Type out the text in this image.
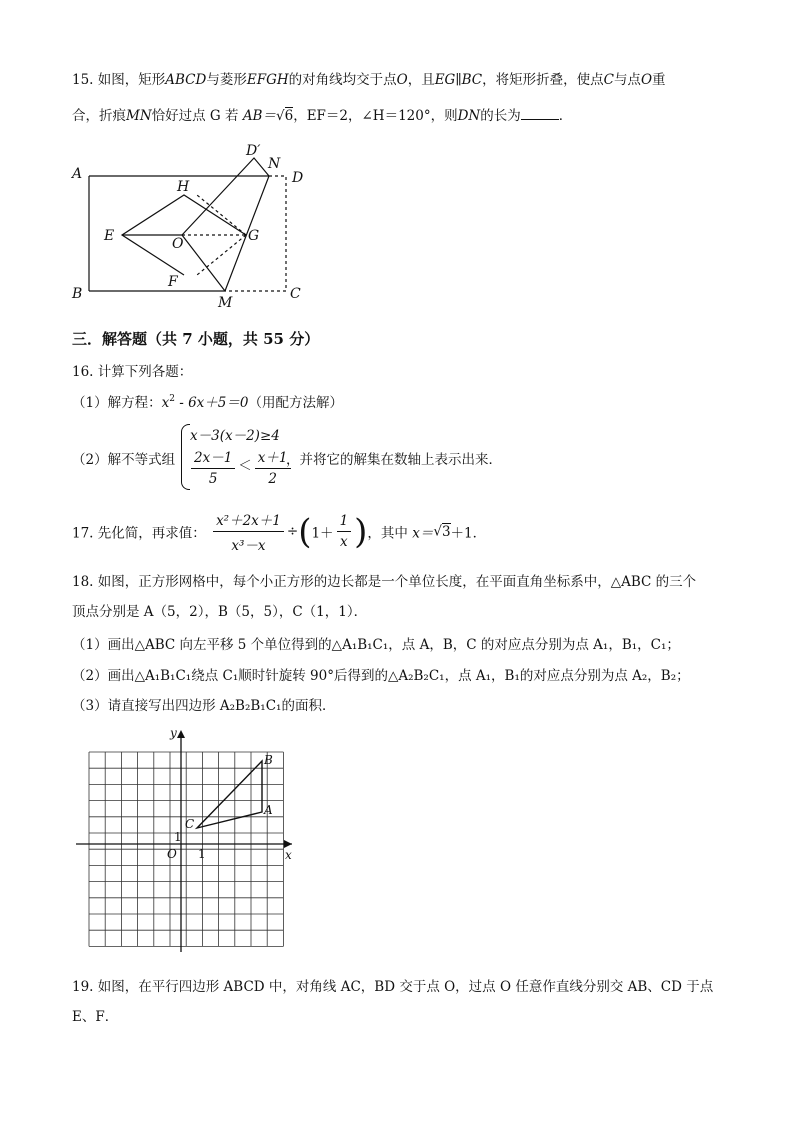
15. 如图，矩形ABCD与菱形EFGH的对角线均交于点O，且EG∥BC，将矩形折叠，使点C与点O重
合，折痕MN恰好过点 G 若 AB＝√6，EF＝2，∠H＝120°，则DN的长为	．
A
B	C
D
D′
N
H
E	O	G
F
M
三．解答题（共 7 小题，共 55 分）
16. 计算下列各题：
（1）解方程：$x^2 - 6x+5=0$（用配方法解）
（2）解不等式组
x－3(x－2)≥4
$\frac{2x-1}{5} < \frac{x+1}{2}$
，并将它的解集在数轴上表示出来．
17. 先化简，再求值： $\frac{\text{x²＋2x＋1}}{\text{x³－x}} \div(1+ \frac{1}{x}$ )，其中 x＝√3＋1．
18. 如图，正方形网格中，每个小正方形的边长都是一个单位长度，在平面直角坐标系中，△ABC 的三个
顶点分别是 A（5，2），B（5，5），C（1，1）．
（1）画出△ABC 向左平移 5 个单位得到的△A₁B₁C₁，点 A，B，C 的对应点分别为点 A₁，B₁，C₁；
（2）画出△A₁B₁C₁绕点 C₁顺时针旋转 90°后得到的△A₂B₂C₁，点 A₁，B₁的对应点分别为点 A₂，B₂；
（3）请直接写出四边形 A₂B₂B₁C₁的面积．
y
x
O 1
1
A
B
C
19. 如图，在平行四边形 ABCD 中，对角线 AC，BD 交于点 O，过点 O 任意作直线分别交 AB、CD 于点
E、F．
